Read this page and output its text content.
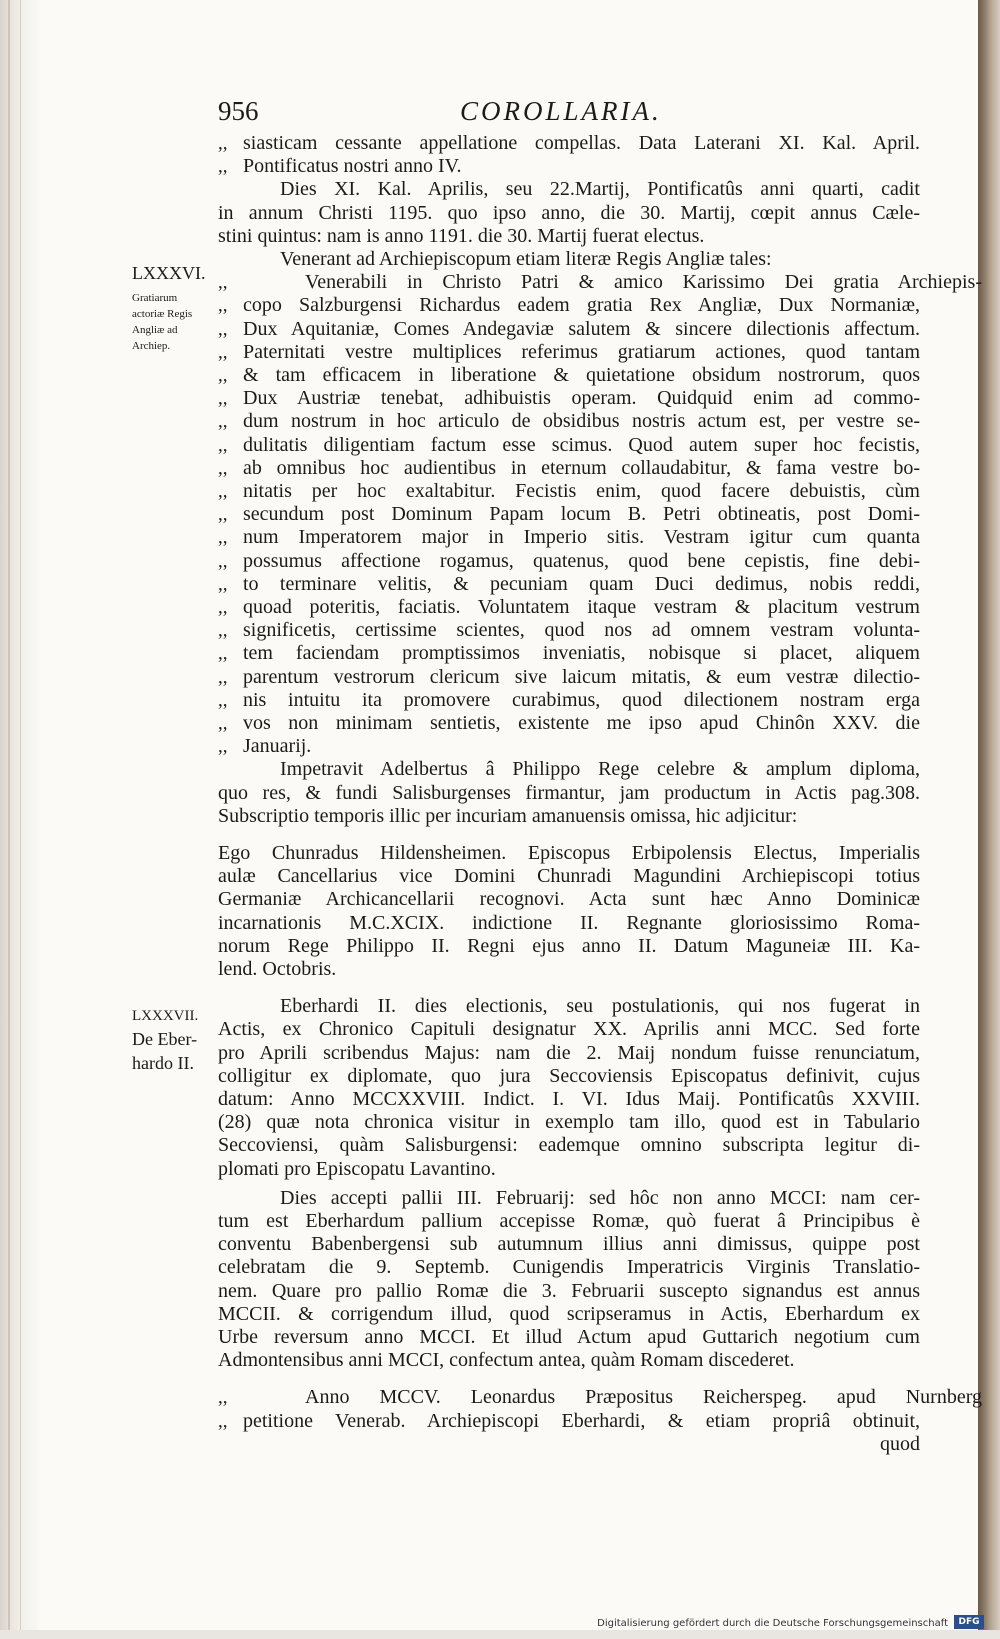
956	COROLLARIA.
,, siasticam cessante appellatione compellas. Data Laterani XI. Kal. April.
,, Pontificatus nostri anno IV.
Dies XI. Kal. Aprilis, seu 22.Martij, Pontificatûs anni quarti, cadit
in annum Christi 1195. quo ipso anno, die 30. Martij, cœpit annus Cæle-
stini quintus: nam is anno 1191. die 30. Martij fuerat electus.
Venerant ad Archiepiscopum etiam literæ Regis Angliæ tales:
,,	Venerabili in Christo Patri & amico Karissimo Dei gratia Archiepis-
,, copo Salzburgensi Richardus eadem gratia Rex Angliæ, Dux Normaniæ,
,, Dux Aquitaniæ, Comes Andegaviæ salutem & sincere dilectionis affectum.
,, Paternitati vestre multiplices referimus gratiarum actiones, quod tantam
,, & tam efficacem in liberatione & quietatione obsidum nostrorum, quos
,, Dux Austriæ tenebat, adhibuistis operam. Quidquid enim ad commo-
,, dum nostrum in hoc articulo de obsidibus nostris actum est, per vestre se-
,, dulitatis diligentiam factum esse scimus. Quod autem super hoc fecistis,
,, ab omnibus hoc audientibus in eternum collaudabitur, & fama vestre bo-
,, nitatis per hoc exaltabitur. Fecistis enim, quod facere debuistis, cùm
,, secundum post Dominum Papam locum B. Petri obtineatis, post Domi-
,, num Imperatorem major in Imperio sitis. Vestram igitur cum quanta
,, possumus affectione rogamus, quatenus, quod bene cepistis, fine debi-
,, to terminare velitis, & pecuniam quam Duci dedimus, nobis reddi,
,, quoad poteritis, faciatis. Voluntatem itaque vestram & placitum vestrum
,, significetis, certissime scientes, quod nos ad omnem vestram volunta-
,, tem faciendam promptissimos inveniatis, nobisque si placet, aliquem
,, parentum vestrorum clericum sive laicum mitatis, & eum vestræ dilectio-
,, nis intuitu ita promovere curabimus, quod dilectionem nostram erga
,, vos non minimam sentietis, existente me ipso apud Chinôn XXV. die
,, Januarij.
Impetravit Adelbertus â Philippo Rege celebre & amplum diploma,
quo res, & fundi Salisburgenses firmantur, jam productum in Actis pag.308.
Subscriptio temporis illic per incuriam amanuensis omissa, hic adjicitur:
Ego Chunradus Hildensheimen. Episcopus Erbipolensis Electus, Imperialis
aulæ Cancellarius vice Domini Chunradi Magundini Archiepiscopi totius
Germaniæ Archicancellarii recognovi. Acta sunt hæc Anno Dominicæ
incarnationis M.C.XCIX. indictione II. Regnante gloriosissimo Roma-
norum Rege Philippo II. Regni ejus anno II. Datum Maguneiæ III. Ka-
lend. Octobris.
Eberhardi II. dies electionis, seu postulationis, qui nos fugerat in
Actis, ex Chronico Capituli designatur XX. Aprilis anni MCC. Sed forte
pro Aprili scribendus Majus: nam die 2. Maij nondum fuisse renunciatum,
colligitur ex diplomate, quo jura Seccoviensis Episcopatus definivit, cujus
datum: Anno MCCXXVIII. Indict. I. VI. Idus Maij. Pontificatûs XXVIII.
(28) quæ nota chronica visitur in exemplo tam illo, quod est in Tabulario
Seccoviensi, quàm Salisburgensi: eademque omnino subscripta legitur di-
plomati pro Episcopatu Lavantino.
Dies accepti pallii III. Februarij: sed hôc non anno MCCI: nam cer-
tum est Eberhardum pallium accepisse Romæ, quò fuerat â Principibus è
conventu Babenbergensi sub autumnum illius anni dimissus, quippe post
celebratam die 9. Septemb. Cunigendis Imperatricis Virginis Translatio-
nem. Quare pro pallio Romæ die 3. Februarii suscepto signandus est annus
MCCII. & corrigendum illud, quod scripseramus in Actis, Eberhardum ex
Urbe reversum anno MCCI. Et illud Actum apud Guttarich negotium cum
Admontensibus anni MCCI, confectum antea, quàm Romam discederet.
,,	Anno MCCV. Leonardus Præpositus Reicherspeg. apud Nurnberg
,, petitione Venerab. Archiepiscopi Eberhardi, & etiam propriâ obtinuit,
quod
LXXXVI.
Gratiarum
actoriæ Regis
Angliæ ad
Archiep.
LXXXVII.
De Eber-
hardo II.
Digitalisierung gefördert durch die Deutsche Forschungsgemeinschaft	DFG
